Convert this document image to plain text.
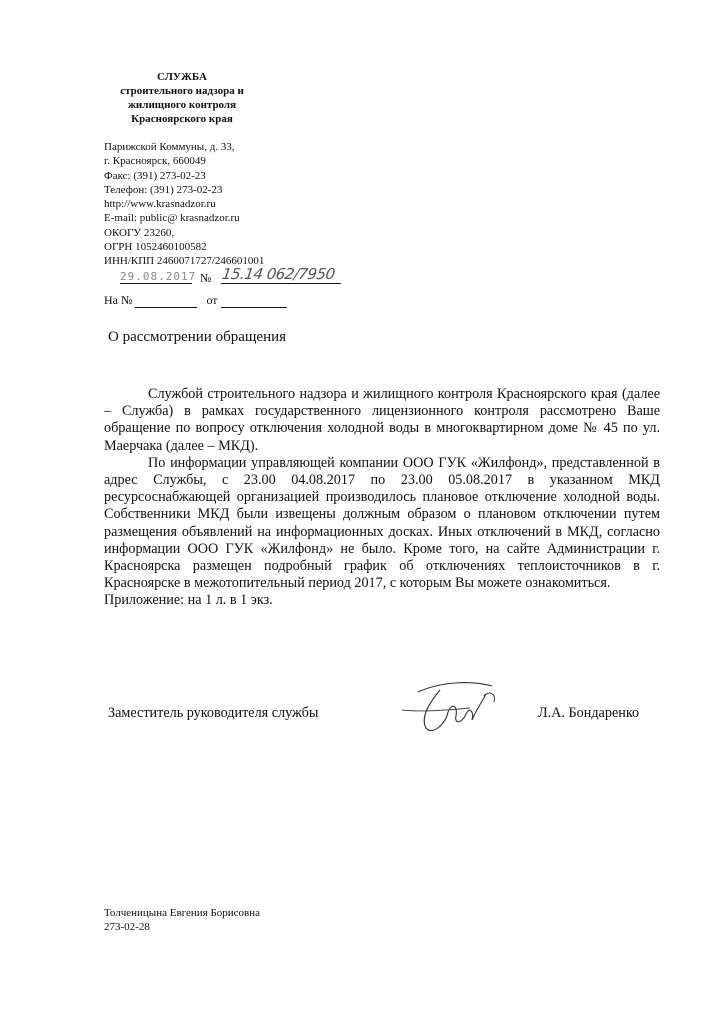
СЛУЖБА
строительного надзора и
жилищного контроля
Красноярского края
Парижской Коммуны, д. 33,
г. Красноярск, 660049
Факс: (391) 273-02-23
Телефон: (391) 273-02-23
http://www.krasnadzor.ru
E-mail: public@ krasnadzor.ru
ОКОГУ 23260,
ОГРН 1052460100582
ИНН/КПП 2460071727/246601001
29.08.2017 № 15.14 062/7950
На №	от
О рассмотрении обращения

Службой строительного надзора и жилищного контроля Красноярского края (далее – Служба) в рамках государственного лицензионного контроля рассмотрено Ваше обращение по вопросу отключения холодной воды в многоквартирном доме № 45 по ул. Маерчака (далее – МКД).

По информации управляющей компании ООО ГУК «Жилфонд», представленной в адрес Службы, с 23.00 04.08.2017 по 23.00 05.08.2017 в указанном МКД ресурсоснабжающей организацией производилось плановое отключение холодной воды. Собственники МКД были извещены должным образом о плановом отключении путем размещения объявлений на информационных досках. Иных отключений в МКД, согласно информации ООО ГУК «Жилфонд» не было. Кроме того, на сайте Администрации г. Красноярска размещен подробный график об отключениях теплоисточников в г. Красноярске в межотопительный период 2017, с которым Вы можете ознакомиться.

Приложение: на 1 л. в 1 экз.

Заместитель руководителя службы	Л.А. Бондаренко
Толченицына Евгения Борисовна
273-02-28
